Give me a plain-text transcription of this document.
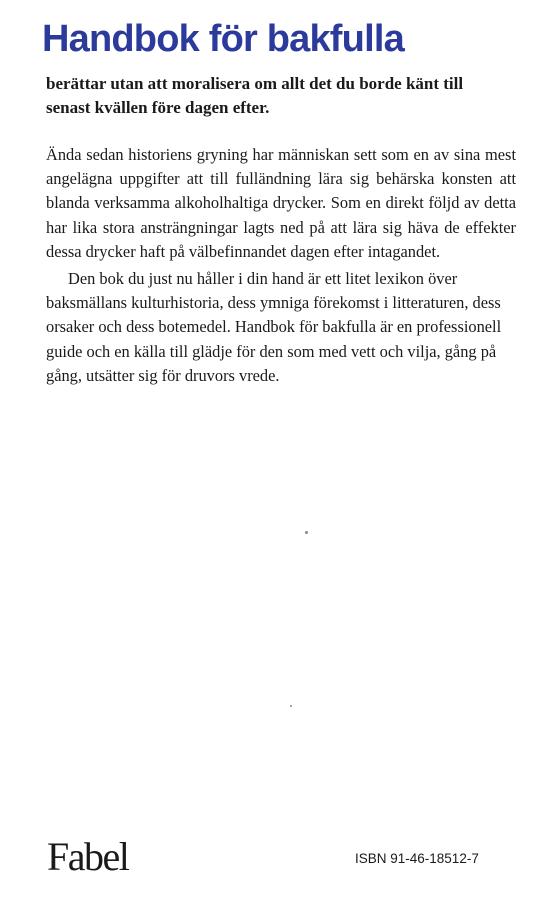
Handbok för bakfulla

berättar utan att moralisera om allt det du borde känt till senast kvällen före dagen efter.

Ända sedan historiens gryning har människan sett som en av sina mest angelägna uppgifter att till fulländning lära sig behärska konsten att blanda verksamma alkoholhaltiga drycker. Som en direkt följd av detta har lika stora ansträngningar lagts ned på att lära sig häva de effekter dessa drycker haft på välbefinnandet dagen efter intagandet.

Den bok du just nu håller i din hand är ett litet lexikon över baksmällans kulturhistoria, dess ymniga förekomst i litteraturen, dess orsaker och dess botemedel. Handbok för bakfulla är en professionell guide och en källa till glädje för den som med vett och vilja, gång på gång, utsätter sig för druvors vrede.

Fabel	ISBN 91-46-18512-7
